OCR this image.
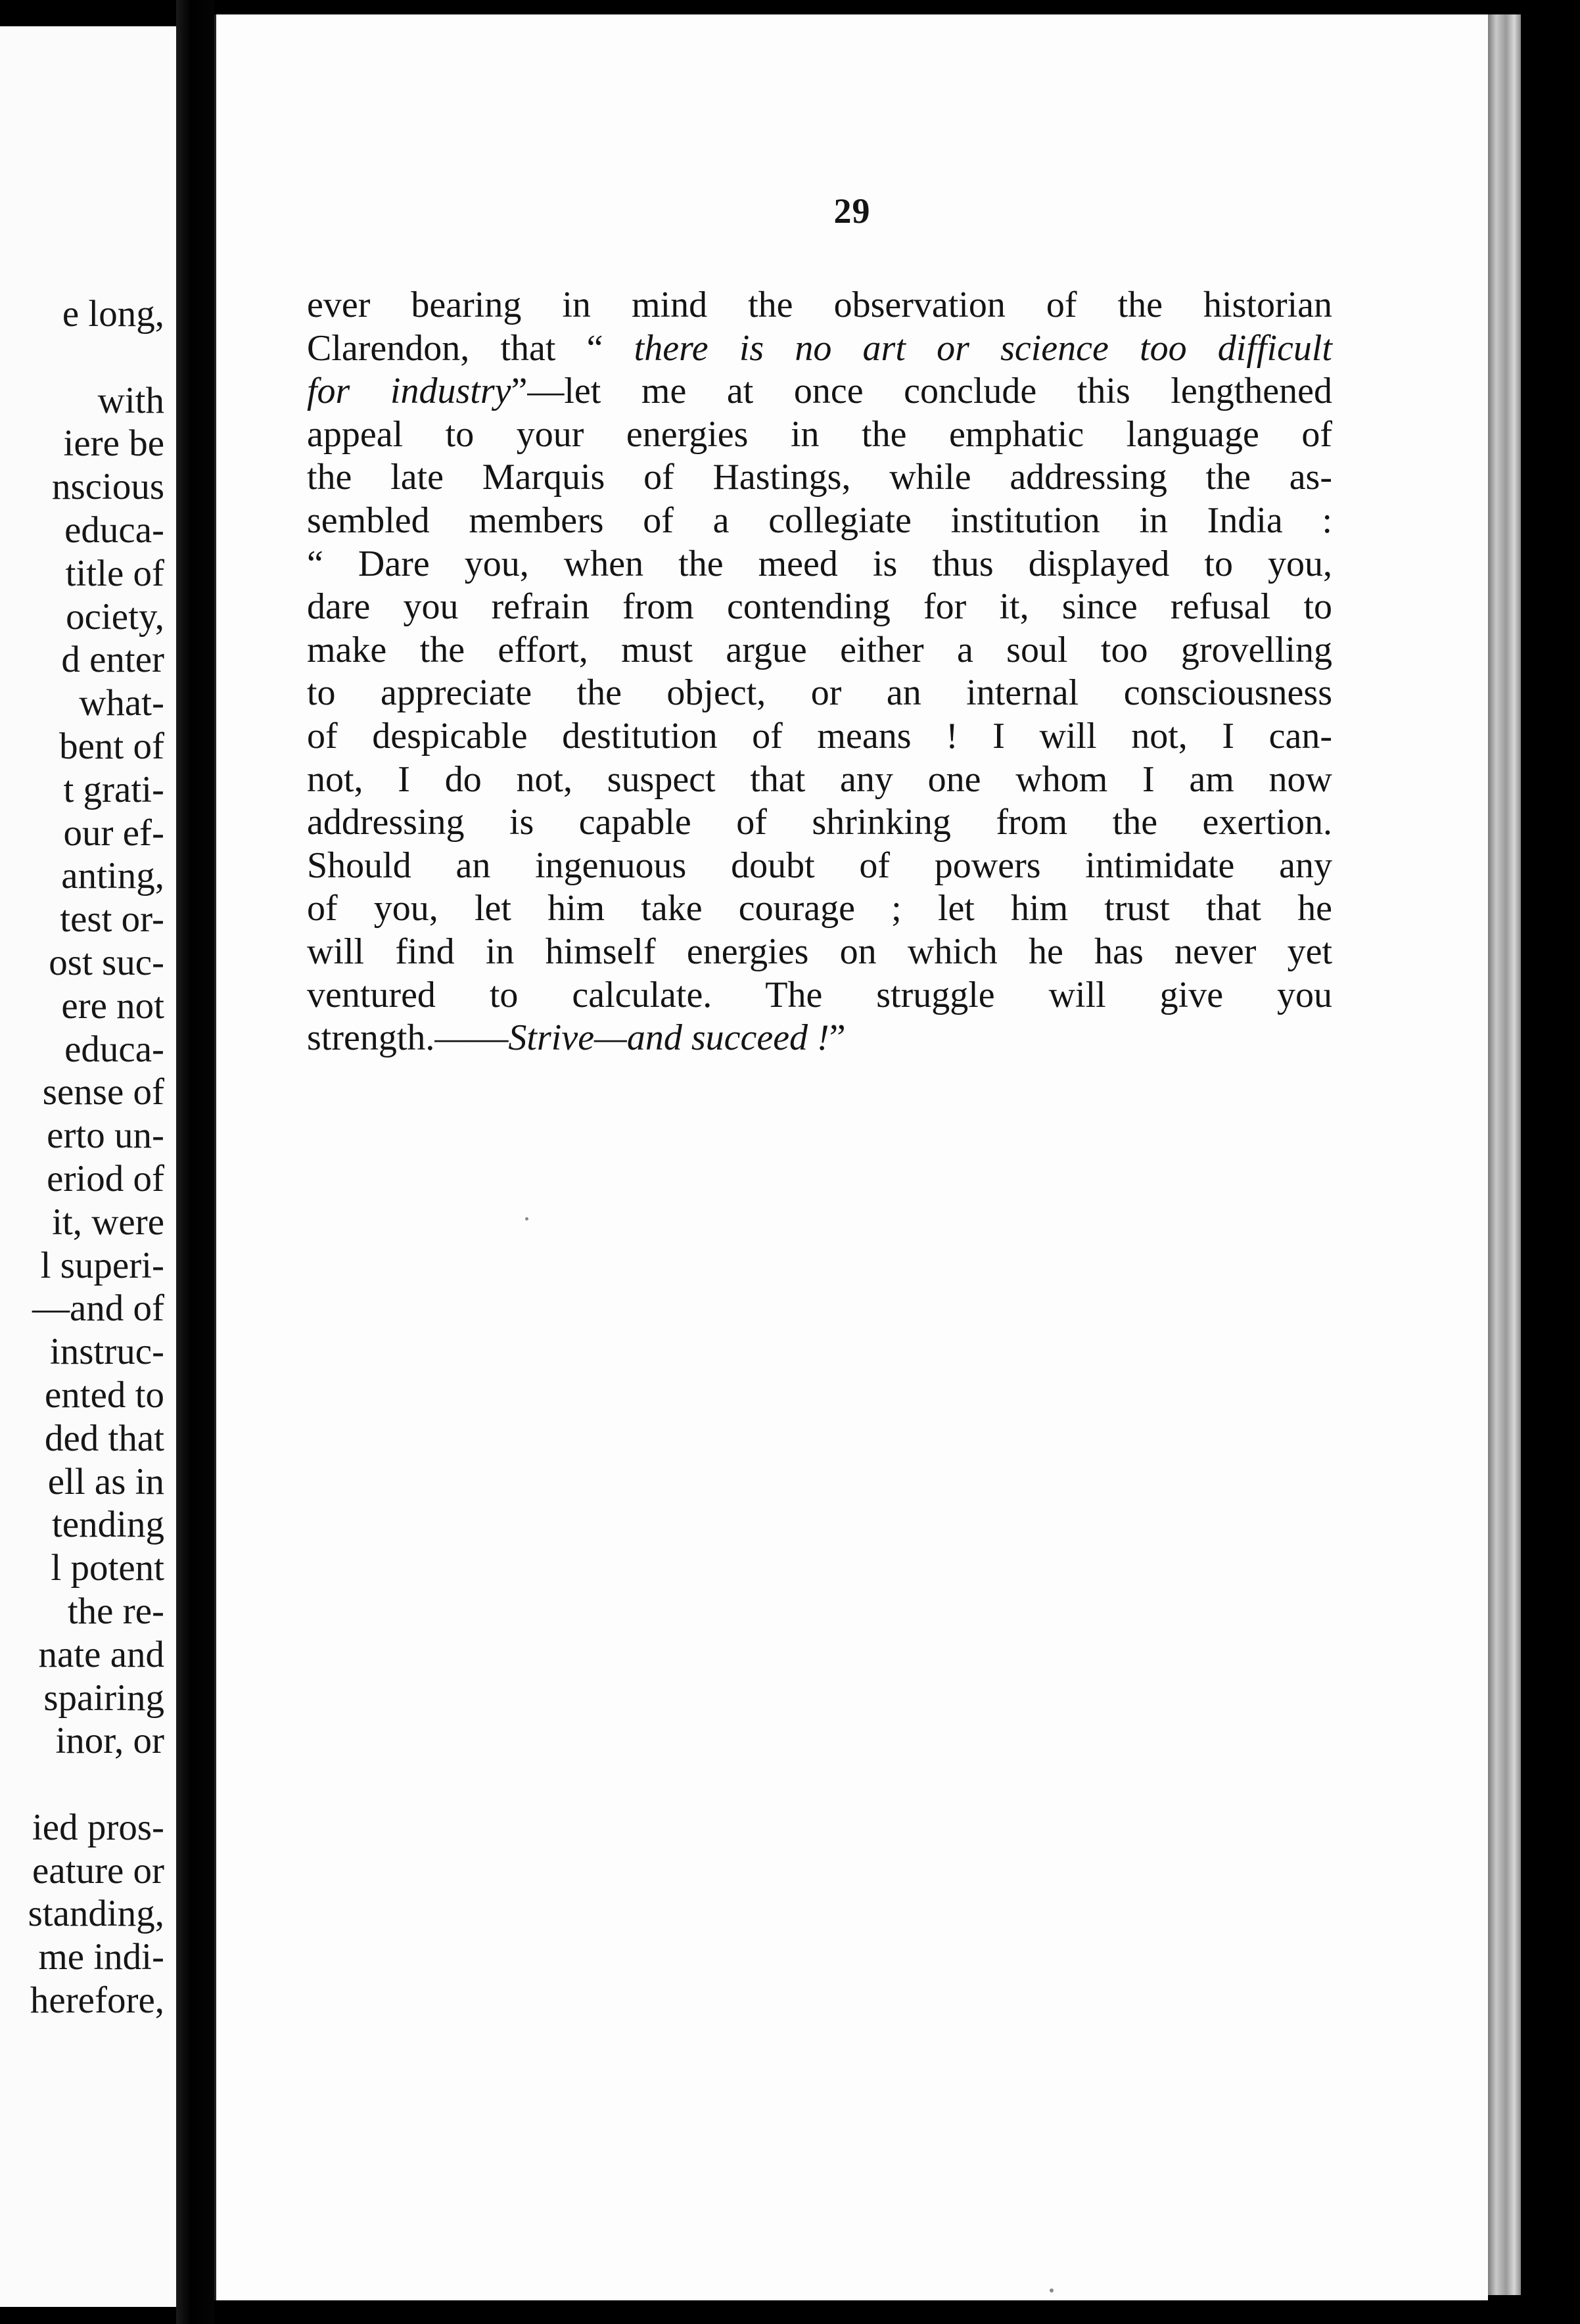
e long,
with
iere be
nscious
educa-
title of
ociety,
d enter
what-
bent of
t grati-
our ef-
anting,
test or-
ost suc-
ere not
educa-
sense of
erto un-
eriod of
it, were
l superi-
—and of
instruc-
ented to
ded that
ell as in
tending
l potent
the re-
nate and
spairing
inor, or
ied pros-
eature or
standing,
me indi-
herefore,
29
ever bearing in mind the observation of the historian
Clarendon, that “ there is no art or science too difficult
for industry”—let me at once conclude this lengthened
appeal to your energies in the emphatic language of
the late Marquis of Hastings, while addressing the as-
sembled members of a collegiate institution in India :
“ Dare you, when the meed is thus displayed to you,
dare you refrain from contending for it, since refusal to
make the effort, must argue either a soul too grovelling
to appreciate the object, or an internal consciousness
of despicable destitution of means ! I will not, I can-
not, I do not, suspect that any one whom I am now
addressing is capable of shrinking from the exertion.
Should an ingenuous doubt of powers intimidate any
of you, let him take courage ; let him trust that he
will find in himself energies on which he has never yet
ventured to calculate. The struggle will give you
strength.——Strive—and succeed !”
